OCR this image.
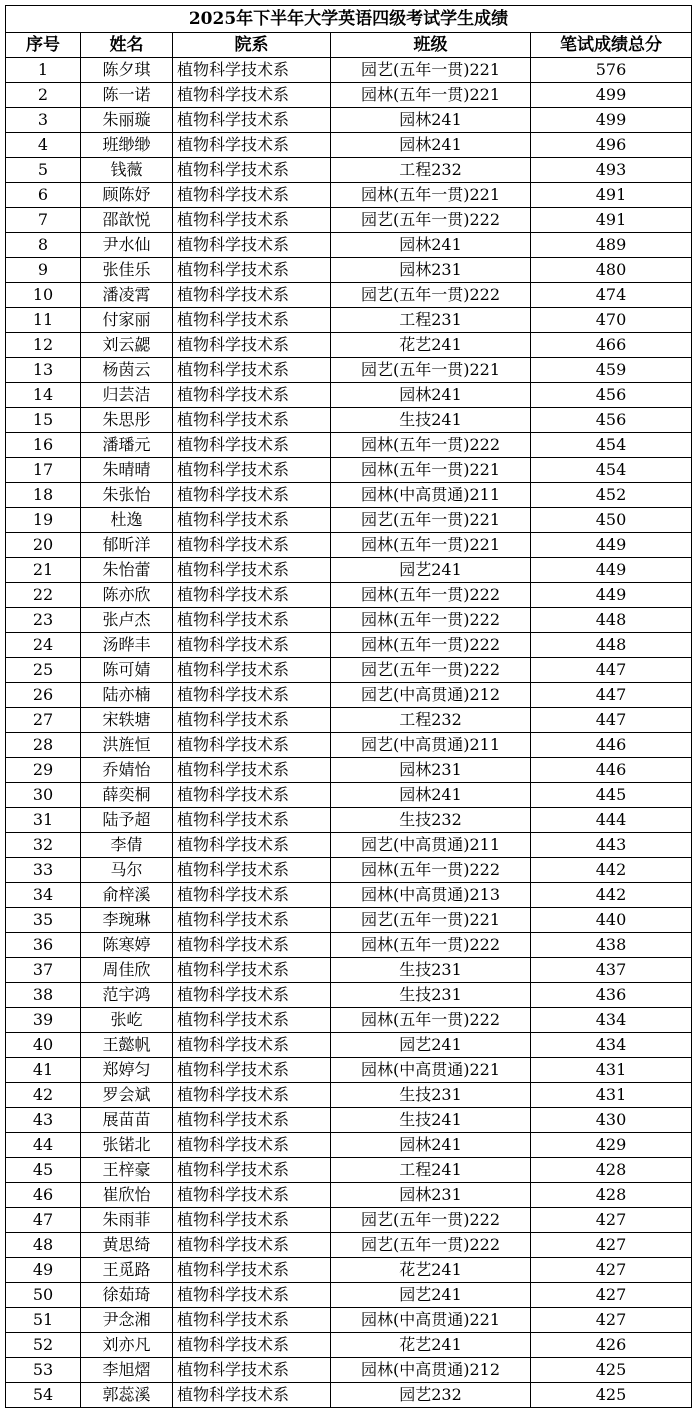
2025年下半年大学英语四级考试学生成绩				
序号	姓名	院系	班级	笔试成绩总分
1	陈夕琪	植物科学技术系	园艺(五年一贯)221	576
2	陈一诺	植物科学技术系	园林(五年一贯)221	499
3	朱丽璇	植物科学技术系	园林241	499
4	班缈缈	植物科学技术系	园林241	496
5	钱薇	植物科学技术系	工程232	493
6	顾陈妤	植物科学技术系	园林(五年一贯)221	491
7	邵歆悦	植物科学技术系	园艺(五年一贯)222	491
8	尹水仙	植物科学技术系	园林241	489
9	张佳乐	植物科学技术系	园林231	480
10	潘凌霄	植物科学技术系	园艺(五年一贯)222	474
11	付家丽	植物科学技术系	工程231	470
12	刘云勰	植物科学技术系	花艺241	466
13	杨茵云	植物科学技术系	园艺(五年一贯)221	459
14	归芸洁	植物科学技术系	园林241	456
15	朱思彤	植物科学技术系	生技241	456
16	潘璠元	植物科学技术系	园林(五年一贯)222	454
17	朱晴晴	植物科学技术系	园林(五年一贯)221	454
18	朱张怡	植物科学技术系	园林(中高贯通)211	452
19	杜逸	植物科学技术系	园艺(五年一贯)221	450
20	郁昕洋	植物科学技术系	园林(五年一贯)221	449
21	朱怡蕾	植物科学技术系	园艺241	449
22	陈亦欣	植物科学技术系	园林(五年一贯)222	449
23	张卢杰	植物科学技术系	园林(五年一贯)222	448
24	汤晔丰	植物科学技术系	园林(五年一贯)222	448
25	陈可婧	植物科学技术系	园艺(五年一贯)222	447
26	陆亦楠	植物科学技术系	园艺(中高贯通)212	447
27	宋轶塘	植物科学技术系	工程232	447
28	洪旌恒	植物科学技术系	园艺(中高贯通)211	446
29	乔婧怡	植物科学技术系	园林231	446
30	薛奕桐	植物科学技术系	园林241	445
31	陆予超	植物科学技术系	生技232	444
32	李倩	植物科学技术系	园艺(中高贯通)211	443
33	马尔	植物科学技术系	园林(五年一贯)222	442
34	俞梓溪	植物科学技术系	园林(中高贯通)213	442
35	李琬琳	植物科学技术系	园艺(五年一贯)221	440
36	陈寒婷	植物科学技术系	园林(五年一贯)222	438
37	周佳欣	植物科学技术系	生技231	437
38	范宇鸿	植物科学技术系	生技231	436
39	张屹	植物科学技术系	园林(五年一贯)222	434
40	王懿帆	植物科学技术系	园艺241	434
41	郑婷匀	植物科学技术系	园林(中高贯通)221	431
42	罗会斌	植物科学技术系	生技231	431
43	展苗苗	植物科学技术系	生技241	430
44	张锘北	植物科学技术系	园林241	429
45	王梓豪	植物科学技术系	工程241	428
46	崔欣怡	植物科学技术系	园林231	428
47	朱雨菲	植物科学技术系	园艺(五年一贯)222	427
48	黄思绮	植物科学技术系	园艺(五年一贯)222	427
49	王觅路	植物科学技术系	花艺241	427
50	徐茹琦	植物科学技术系	园艺241	427
51	尹念湘	植物科学技术系	园林(中高贯通)221	427
52	刘亦凡	植物科学技术系	花艺241	426
53	李旭熠	植物科学技术系	园林(中高贯通)212	425
54	郭蕊溪	植物科学技术系	园艺232	425
